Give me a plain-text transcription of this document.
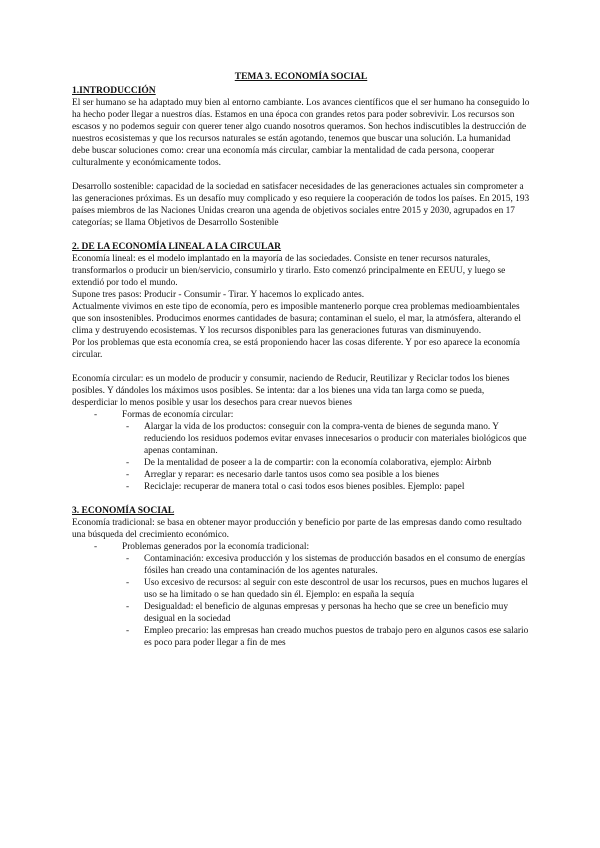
TEMA 3. ECONOMÍA SOCIAL
1.INTRODUCCIÓN

El ser humano se ha adaptado muy bien al entorno cambiante. Los avances científicos que el ser humano ha conseguido lo ha hecho poder llegar a nuestros días. Estamos en una época con grandes retos para poder sobrevivir. Los recursos son escasos y no podemos seguir con querer tener algo cuando nosotros queramos. Son hechos indiscutibles la destrucción de nuestros ecosistemas y que los recursos naturales se están agotando, tenemos que buscar una solución. La humanidad debe buscar soluciones como: crear una economía más circular, cambiar la mentalidad de cada persona, cooperar culturalmente y económicamente todos.

Desarrollo sostenible: capacidad de la sociedad en satisfacer necesidades de las generaciones actuales sin comprometer a las generaciones próximas. Es un desafío muy complicado y eso requiere la cooperación de todos los países. En 2015, 193 países miembros de las Naciones Unidas crearon una agenda de objetivos sociales entre 2015 y 2030, agrupados en 17 categorías; se llama Objetivos de Desarrollo Sostenible

2. DE LA ECONOMÍA LINEAL A LA CIRCULAR

Economía lineal: es el modelo implantado en la mayoría de las sociedades. Consiste en tener recursos naturales, transformarlos o producir un bien/servicio, consumirlo y tirarlo. Esto comenzó principalmente en EEUU, y luego se extendió por todo el mundo.

Supone tres pasos: Producir - Consumir - Tirar. Y hacemos lo explicado antes.

Actualmente vivimos en este tipo de economía, pero es imposible mantenerlo porque crea problemas medioambientales que son insostenibles. Producimos enormes cantidades de basura; contaminan el suelo, el mar, la atmósfera, alterando el clima y destruyendo ecosistemas. Y los recursos disponibles para las generaciones futuras van disminuyendo.

Por los problemas que esta economía crea, se está proponiendo hacer las cosas diferente. Y por eso aparece la economía circular.

Economía circular: es un modelo de producir y consumir, naciendo de Reducir, Reutilizar y Reciclar todos los bienes posibles. Y dándoles los máximos usos posibles. Se intenta: dar a los bienes una vida tan larga como se pueda, desperdiciar lo menos posible y usar los desechos para crear nuevos bienes

-	Formas de economía circular:
- Alargar la vida de los productos: conseguir con la compra-venta de bienes de segunda mano. Y reduciendo los residuos podemos evitar envases innecesarios o producir con materiales biológicos que apenas contaminan.
- De la mentalidad de poseer a la de compartir: con la economía colaborativa, ejemplo: Airbnb
- Arreglar y reparar: es necesario darle tantos usos como sea posible a los bienes
- Reciclaje: recuperar de manera total o casi todos esos bienes posibles. Ejemplo: papel
3. ECONOMÍA SOCIAL

Economía tradicional: se basa en obtener mayor producción y beneficio por parte de las empresas dando como resultado una búsqueda del crecimiento económico.

-	Problemas generados por la economía tradicional:
- Contaminación: excesiva producción y los sistemas de producción basados en el consumo de energías fósiles han creado una contaminación de los agentes naturales.
- Uso excesivo de recursos: al seguir con este descontrol de usar los recursos, pues en muchos lugares el uso se ha limitado o se han quedado sin él. Ejemplo: en españa la sequía
- Desigualdad: el beneficio de algunas empresas y personas ha hecho que se cree un beneficio muy desigual en la sociedad
- Empleo precario: las empresas han creado muchos puestos de trabajo pero en algunos casos ese salario es poco para poder llegar a fin de mes
